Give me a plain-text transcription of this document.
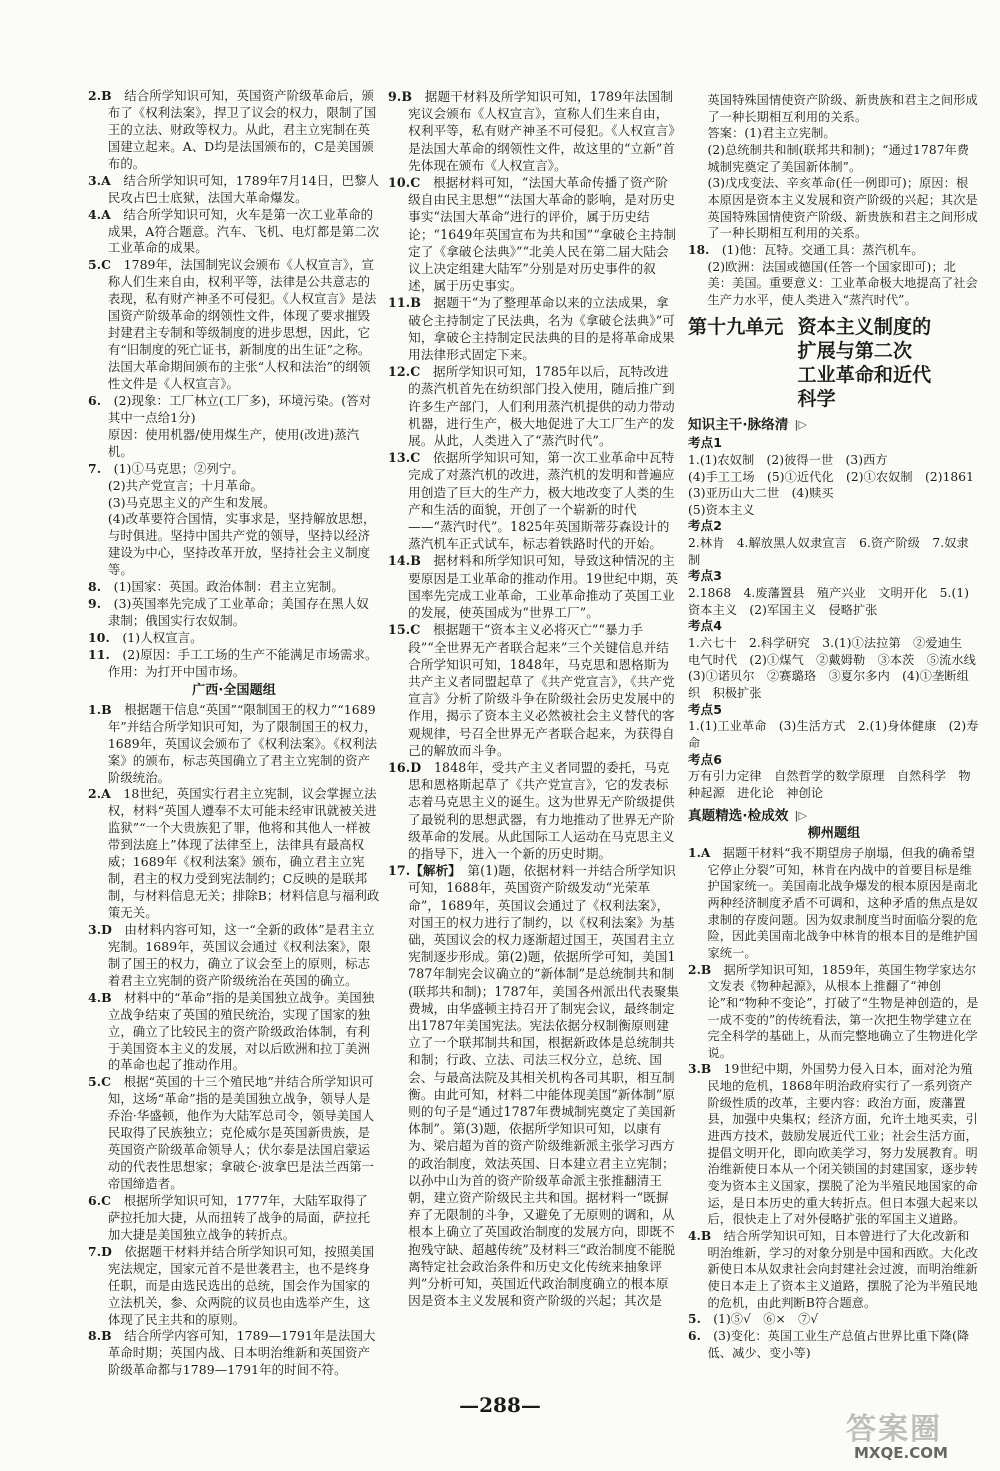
2.B　 结合所学知识可知，英国资产阶级革命后，颁布了《权利法案》，捍卫了议会的权力，限制了国王的立法、财政等权力。从此，君主立宪制在英国建立起来。A、D均是法国颁布的，C是美国颁布的。

3.A　 结合所学知识可知，1789年7月14日，巴黎人民攻占巴士底狱，法国大革命爆发。

4.A　 结合所学知识可知，火车是第一次工业革命的成果，A符合题意。汽车、飞机、电灯都是第二次工业革命的成果。

5.C　 1789年，法国制宪议会颁布《人权宣言》，宣称人们生来自由，权利平等，法律是公共意志的表现，私有财产神圣不可侵犯。《人权宣言》是法国资产阶级革命的纲领性文件，体现了要求摧毁封建君主专制和等级制度的进步思想，因此，它有“旧制度的死亡证书，新制度的出生证”之称。法国大革命期间颁布的主张“人权和法治”的纲领性文件是《人权宣言》。

6.　 (2)现象：工厂林立(工厂多)，环境污染。(答对其中一点给1分)

原因：使用机器/使用煤生产，使用(改进)蒸汽机。

7.　 (1)①马克思；②列宁。

(2)共产党宣言；十月革命。

(3)马克思主义的产生和发展。

(4)改革要符合国情，实事求是，坚持解放思想，与时俱进。坚持中国共产党的领导，坚持以经济建设为中心，坚持改革开放，坚持社会主义制度等。

8.　 (1)国家：英国。政治体制：君主立宪制。

9.　 (3)英国率先完成了工业革命；美国存在黑人奴隶制；俄国实行农奴制。

10.　 (1)人权宣言。

11.　 (2)原因：手工工场的生产不能满足市场需求。作用：为打开中国市场。

广西·全国题组

1.B　 根据题干信息“英国”“限制国王的权力”“1689年”并结合所学知识可知，为了限制国王的权力，1689年，英国议会颁布了《权利法案》。《权利法案》的颁布，标志英国确立了君主立宪制的资产阶级统治。

2.A　 18世纪，英国实行君主立宪制，议会掌握立法权，材料“英国人遵奉不太可能未经审讯就被关进监狱”“一个大贵族犯了罪，他将和其他人一样被带到法庭上”体现了法律至上，法律具有最高权威；1689年《权利法案》颁布，确立君主立宪制，君主的权力受到宪法制约；C反映的是联邦制，与材料信息无关；排除B；材料信息与福利政策无关。

3.D　 由材料内容可知，这一“全新的政体”是君主立宪制。1689年，英国议会通过《权利法案》，限制了国王的权力，确立了议会至上的原则，标志着君主立宪制的资产阶级统治在英国的确立。

4.B　 材料中的“革命”指的是美国独立战争。美国独立战争结束了英国的殖民统治，实现了国家的独立，确立了比较民主的资产阶级政治体制，有利于美国资本主义的发展，对以后欧洲和拉丁美洲的革命也起了推动作用。

5.C　 根据“英国的十三个殖民地”并结合所学知识可知，这场“革命”指的是美国独立战争，领导人是乔治·华盛顿，他作为大陆军总司令，领导美国人民取得了民族独立；克伦威尔是英国新贵族，是英国资产阶级革命领导人；伏尔泰是法国启蒙运动的代表性思想家；拿破仑·波拿巴是法兰西第一帝国缔造者。

6.C　 根据所学知识可知，1777年，大陆军取得了萨拉托加大捷，从而扭转了战争的局面，萨拉托加大捷是美国独立战争的转折点。

7.D　 依据题干材料并结合所学知识可知，按照美国宪法规定，国家元首不是世袭君主，也不是终身任职，而是由选民选出的总统，国会作为国家的立法机关，参、众两院的议员也由选举产生，这体现了民主共和的原则。

8.B　 结合所学内容可知，1789—1791年是法国大革命时期；英国内战、日本明治维新和英国资产阶级革命都与1789—1791年的时间不符。

9.B　 据题干材料及所学知识可知，1789年法国制宪议会颁布《人权宣言》，宣称人们生来自由，权利平等，私有财产神圣不可侵犯。《人权宣言》是法国大革命的纲领性文件，故这里的“立新”首先体现在颁布《人权宣言》。

10.C　 根据材料可知，“法国大革命传播了资产阶级自由民主思想”“法国大革命的影响，是对历史事实“法国大革命”进行的评价，属于历史结论；“1649年英国宣布为共和国”“拿破仑主持制定了《拿破仑法典》”“北美人民在第二届大陆会议上决定组建大陆军”分别是对历史事件的叙述，属于历史事实。

11.B　 据题干“为了整理革命以来的立法成果，拿破仑主持制定了民法典，名为《拿破仑法典》”可知，拿破仑主持制定民法典的目的是将革命成果用法律形式固定下来。

12.C　 据所学知识可知，1785年以后，瓦特改进的蒸汽机首先在纺织部门投入使用，随后推广到许多生产部门，人们利用蒸汽机提供的动力带动机器，进行生产，极大地促进了大工厂生产的发展。从此，人类进入了“蒸汽时代”。

13.C　 依据所学知识可知，第一次工业革命中瓦特完成了对蒸汽机的改进，蒸汽机的发明和普遍应用创造了巨大的生产力，极大地改变了人类的生产和生活的面貌，开创了一个崭新的时代——“蒸汽时代”。1825年英国斯蒂芬森设计的蒸汽机车正式试车，标志着铁路时代的开始。

14.B　 据材料和所学知识可知，导致这种情况的主要原因是工业革命的推动作用。19世纪中期，英国率先完成工业革命，工业革命推动了英国工业的发展，使英国成为“世界工厂”。

15.C　 根据题干“资本主义必将灭亡”“暴力手段”“全世界无产者联合起来”三个关键信息并结合所学知识可知，1848年，马克思和恩格斯为共产主义者同盟起草了《共产党宣言》，《共产党宣言》分析了阶级斗争在阶级社会历史发展中的作用，揭示了资本主义必然被社会主义替代的客观规律，号召全世界无产者联合起来，为获得自己的解放而斗争。

16.D　 1848年，受共产主义者同盟的委托，马克思和恩格斯起草了《共产党宣言》，它的发表标志着马克思主义的诞生。这为世界无产阶级提供了最锐利的思想武器，有力地推动了世界无产阶级革命的发展。从此国际工人运动在马克思主义的指导下，进入一个新的历史时期。

17.【解析】　 第(1)题，依据材料一并结合所学知识可知，1688年，英国资产阶级发动“光荣革命”，1689年，英国议会通过了《权利法案》，对国王的权力进行了制约，以《权利法案》为基础，英国议会的权力逐渐超过国王，英国君主立宪制逐步形成。第(2)题，依据所学可知，美国1787年制宪会议确立的“新体制”是总统制共和制(联邦共和制)；1787年，美国各州派出代表聚集费城，由华盛顿主持召开了制宪会议，最终制定出1787年美国宪法。宪法依据分权制衡原则建立了一个联邦制共和国，根据新政体是总统制共和制；行政、立法、司法三权分立，总统、国会、与最高法院及其相关机构各司其职，相互制衡。由此可知，材料二中能体现美国“新体制”原则的句子是“通过1787年费城制宪奠定了美国新体制”。第(3)题，依据所学知识可知，以康有为、梁启超为首的资产阶级维新派主张学习西方的政治制度，效法英国、日本建立君主立宪制；以孙中山为首的资产阶级革命派主张推翻清王朝，建立资产阶级民主共和国。据材料一“既摒弃了无限制的斗争，又避免了无原则的调和，从根本上确立了英国政治制度的发展方向，即既不抱残守缺、超越传统”及材料三“政治制度不能脱离特定社会政治条件和历史文化传统来抽象评判”分析可知，英国近代政治制度确立的根本原因是资本主义发展和资产阶级的兴起；其次是

英国特殊国情使资产阶级、新贵族和君主之间形成了一种长期相互利用的关系。

答案：(1)君主立宪制。

(2)总统制共和制(联邦共和制)；“通过1787年费城制宪奠定了美国新体制”。

(3)戊戌变法、辛亥革命(任一例即可)；原因：根本原因是资本主义发展和资产阶级的兴起；其次是英国特殊国情使资产阶级、新贵族和君主之间形成了一种长期相互利用的关系。

18.　 (1)他：瓦特。交通工具：蒸汽机车。

(2)欧洲：法国或德国(任答一个国家即可)；北美：美国。重要意义：工业革命极大地提高了社会生产力水平，使人类进入“蒸汽时代”。

第十九单元 资本主义制度的
扩展与第二次
工业革命和近代
科学
知识主干·脉络清 |▷
考点1
1.(1)农奴制　(2)彼得一世　(3)西方
(4)手工工场　(5)①近代化　(2)①农奴制　(2)1861　(3)亚历山大二世　(4)赎买
(5)资本主义
考点2
2.林肯　4.解放黑人奴隶宣言　6.资产阶级　7.奴隶制
考点3
2.1868　4.废藩置县　殖产兴业　文明开化　5.(1)资本主义　(2)军国主义　侵略扩张
考点4
1.六七十　2.科学研究　3.(1)①法拉第　②爱迪生　电气时代　(2)①煤气　②戴姆勒　③本茨　⑤流水线　(3)①诺贝尔　②赛璐珞　③夏尔多内　(4)①垄断组织　积极扩张
考点5
1.(1)工业革命　(3)生活方式　2.(1)身体健康　(2)寿命
考点6
万有引力定律　自然哲学的数学原理　自然科学　物种起源　进化论　神创论
真题精选·检成效 |▷
柳州题组

1.A　 据题干材料“我不期望房子崩塌，但我的确希望它停止分裂”可知，林肯在内战中的首要目标是维护国家统一。美国南北战争爆发的根本原因是南北两种经济制度矛盾不可调和，这种矛盾的焦点是奴隶制的存废问题。因为奴隶制度当时面临分裂的危险，因此美国南北战争中林肯的根本目的是维护国家统一。

2.B　 据所学知识可知，1859年，英国生物学家达尔文发表《物种起源》，从根本上推翻了“神创论”和“物种不变论”，打破了“生物是神创造的，是一成不变的”的传统看法，第一次把生物学建立在完全科学的基础上，从而完整地确立了生物进化学说。

3.B　 19世纪中期，外国势力侵入日本，面对沦为殖民地的危机，1868年明治政府实行了一系列资产阶级性质的改革，主要内容：政治方面，废藩置县，加强中央集权；经济方面，允许土地买卖，引进西方技术，鼓励发展近代工业；社会生活方面，提倡文明开化，即向欧美学习，努力发展教育。明治维新使日本从一个闭关锁国的封建国家，逐步转变为资本主义国家，摆脱了沦为半殖民地国家的命运，是日本历史的重大转折点。但日本强大起来以后，很快走上了对外侵略扩张的军国主义道路。

4.B　 结合所学知识可知，日本曾进行了大化改新和明治维新，学习的对象分别是中国和西欧。大化改新使日本从奴隶社会向封建社会过渡，而明治维新使日本走上了资本主义道路，摆脱了沦为半殖民地的危机，由此判断B符合题意。

5.　 (1)⑤√　⑥×　⑦√

6.　 (3)变化：英国工业生产总值占世界比重下降(降低、减少、变小等)

—288—
答案圈
MXQE.COM
